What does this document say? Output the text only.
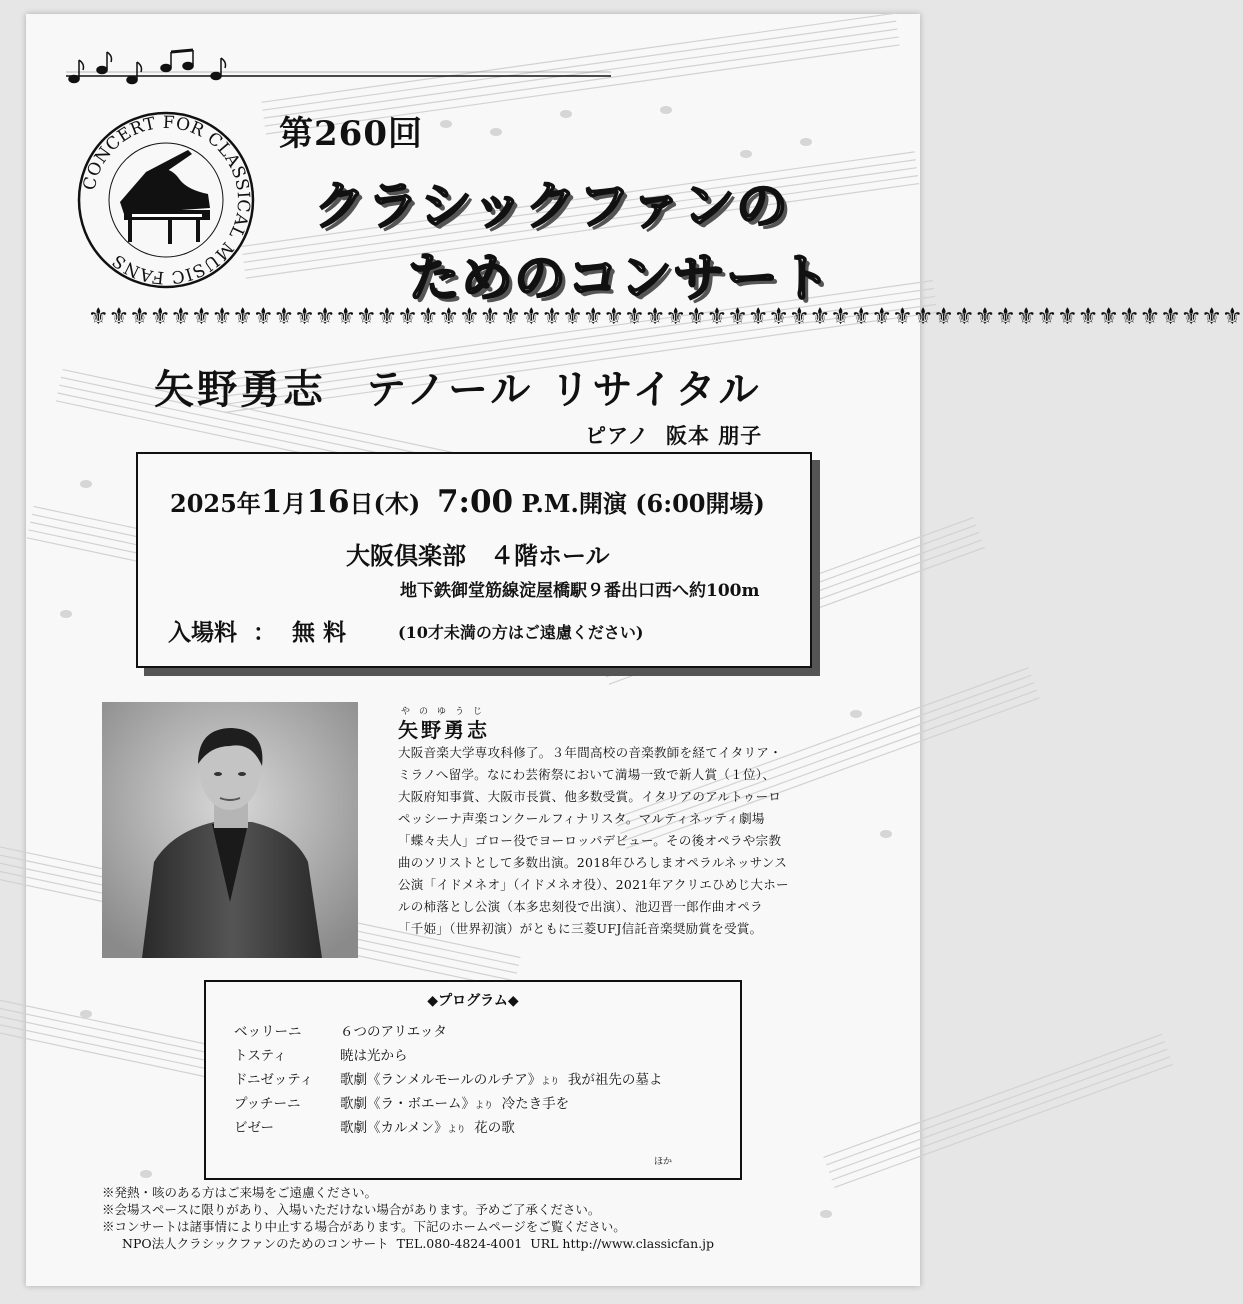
CONCERT FOR CLASSICAL MUSIC FANS
第260回
クラシックファンの
ためのコンサート
⚜⚜⚜⚜⚜⚜⚜⚜⚜⚜⚜⚜⚜⚜⚜⚜⚜⚜⚜⚜⚜⚜⚜⚜⚜⚜⚜⚜⚜⚜⚜⚜⚜⚜⚜⚜⚜⚜⚜⚜⚜⚜⚜⚜⚜⚜⚜⚜⚜⚜⚜⚜⚜⚜⚜⚜
矢野勇志 テノール リサイタル
ピアノ 阪本 朋子
2025年1月16日(木) 7:00 P.M.開演 (6:00開場)
大阪倶楽部　４階ホール
地下鉄御堂筋線淀屋橋駅９番出口西へ約100m
入場料 ： 無 料	(10才未満の方はご遠慮ください)
やのゆうじ
矢野勇志
大阪音楽大学専攻科修了。３年間高校の音楽教師を経てイタリア・
ミラノへ留学。なにわ芸術祭において満場一致で新人賞（１位）、
大阪府知事賞、大阪市長賞、他多数受賞。イタリアのアルトゥーロ
ペッシーナ声楽コンクールフィナリスタ。マルティネッティ劇場
「蝶々夫人」ゴロー役でヨーロッパデビュー。その後オペラや宗教
曲のソリストとして多数出演。2018年ひろしまオペラルネッサンス
公演「イドメネオ」（イドメネオ役）、2021年アクリエひめじ大ホー
ルの柿落とし公演（本多忠刻役で出演）、池辺晋一郎作曲オペラ
「千姫」（世界初演）がともに三菱UFJ信託音楽奨励賞を受賞。
◆プログラム◆
ベッリーニ	６つのアリエッタ
トスティ	暁は光から
ドニゼッティ 歌劇《ランメルモールのルチア》より 我が祖先の墓よ
プッチーニ	歌劇《ラ・ボエーム》より 冷たき手を
ビゼー	歌劇《カルメン》より 花の歌
ほか
※発熱・咳のある方はご来場をご遠慮ください。
※会場スペースに限りがあり、入場いただけない場合があります。予めご了承ください。
※コンサートは諸事情により中止する場合があります。下記のホームページをご覧ください。
NPO法人クラシックファンのためのコンサート TEL.080-4824-4001 URL http://www.classicfan.jp
